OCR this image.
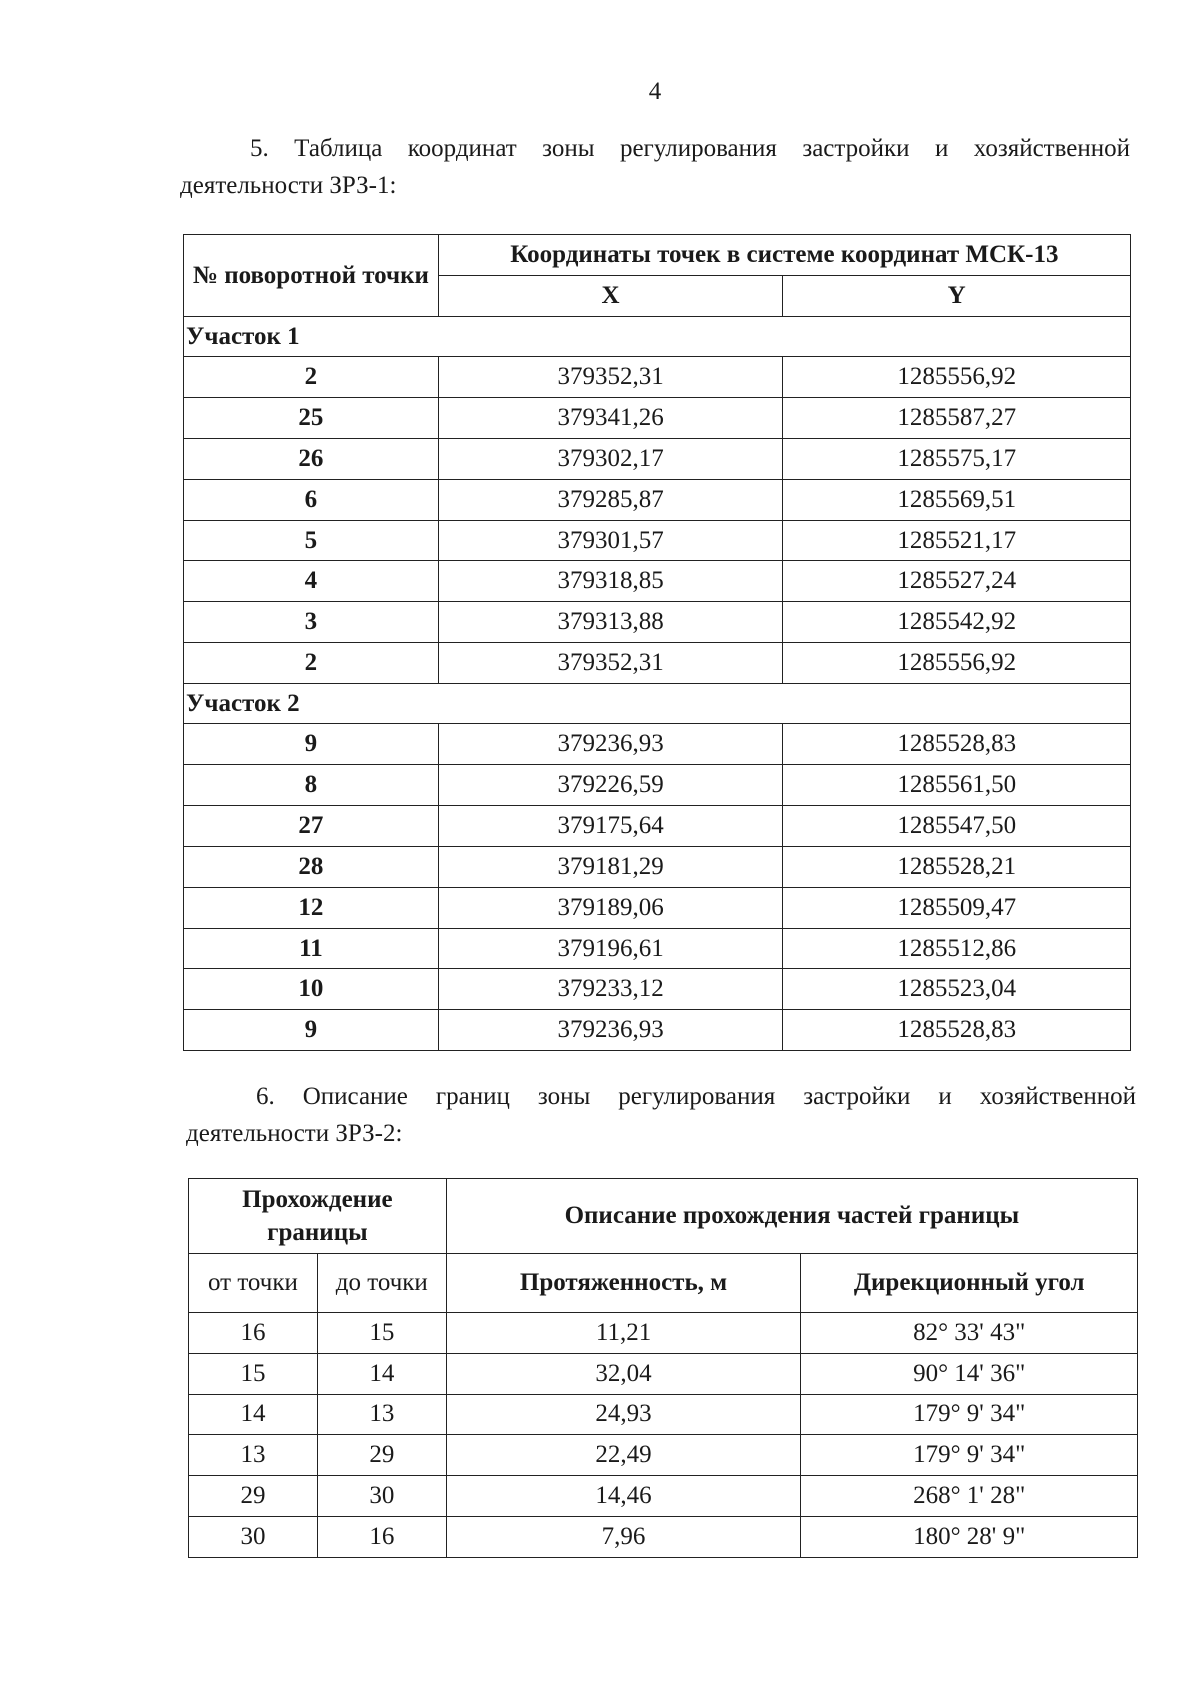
4
5. Таблица координат зоны регулирования застройки и хозяйственной
деятельности ЗРЗ-1:
№ поворотной точки	Координаты точек в системе координат МСК-13	
	X	Y
Участок 1		
2	379352,31	1285556,92
25	379341,26	1285587,27
26	379302,17	1285575,17
6	379285,87	1285569,51
5	379301,57	1285521,17
4	379318,85	1285527,24
3	379313,88	1285542,92
2	379352,31	1285556,92
Участок 2		
9	379236,93	1285528,83
8	379226,59	1285561,50
27	379175,64	1285547,50
28	379181,29	1285528,21
12	379189,06	1285509,47
11	379196,61	1285512,86
10	379233,12	1285523,04
9	379236,93	1285528,83
6. Описание границ зоны регулирования застройки и хозяйственной
деятельности ЗРЗ-2:
Прохождение границы		Описание прохождения частей границы	
от точки	до точки	Протяженность, м	Дирекционный угол
16	15	11,21	82° 33' 43"
15	14	32,04	90° 14' 36"
14	13	24,93	179° 9' 34"
13	29	22,49	179° 9' 34"
29	30	14,46	268° 1' 28"
30	16	7,96	180° 28' 9"
